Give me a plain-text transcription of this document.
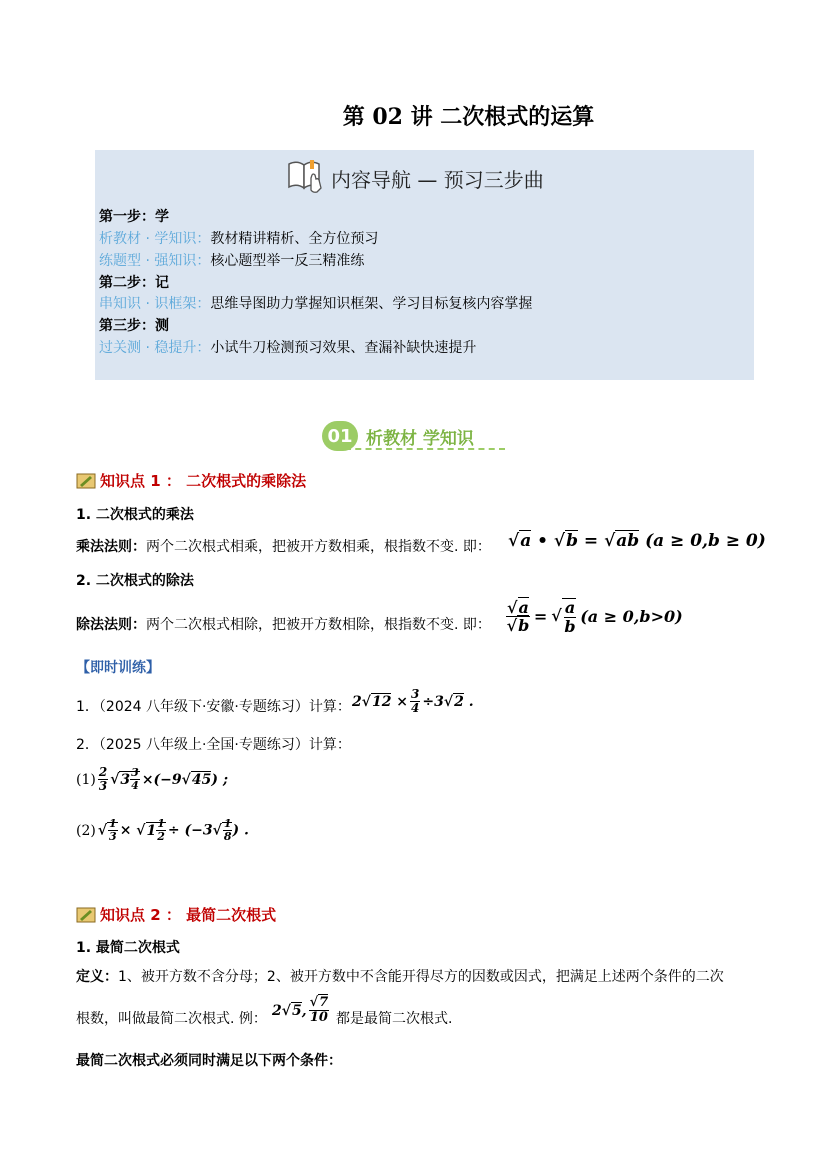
第 02 讲 二次根式的运算
内容导航 — 预习三步曲
第一步：学
析教材 · 学知识：教材精讲精析、全方位预习
练题型 · 强知识：核心题型举一反三精准练
第二步：记
串知识 · 识框架：思维导图助力掌握知识框架、学习目标复核内容掌握
第三步：测
过关测 · 稳提升：小试牛刀检测预习效果、查漏补缺快速提升
01 析教材 学知识
知识点 1 ： 二次根式的乘除法
1. 二次根式的乘法
乘法法则：两个二次根式相乘，把被开方数相乘，根指数不变. 即： √a • √b = √ab (a ≥ 0,b ≥ 0)
2. 二次根式的除法
除法法则：两个二次根式相除，把被开方数相除，根指数不变. 即： $\frac{√a}{√b}$ = √ $\frac{a}{b} (a \ge 0,b>0)$
【即时训练】
1．（2024 八年级下·安徽·专题练习）计算： $2√12 \times \frac{3}{4} \div 3√2$ .
2．（2025 八年级上·全国·专题练习）计算：
$(1) \frac{2}{3} √3 \frac{3}{4} \times(-9√45)$ ;
(2) √ $\frac{1}{3} \times √1 \frac{1}{2} \div (-3√ \frac{1}{8}$ ) .
知识点 2 ： 最简二次根式
1. 最简二次根式
定义：1、被开方数不含分母；2、被开方数中不含能开得尽方的因数或因式，把满足上述两个条件的二次
根数，叫做最简二次根式. 例：
2√5, $\frac{√7}{10}$ 都是最简二次根式.
最简二次根式必须同时满足以下两个条件：
